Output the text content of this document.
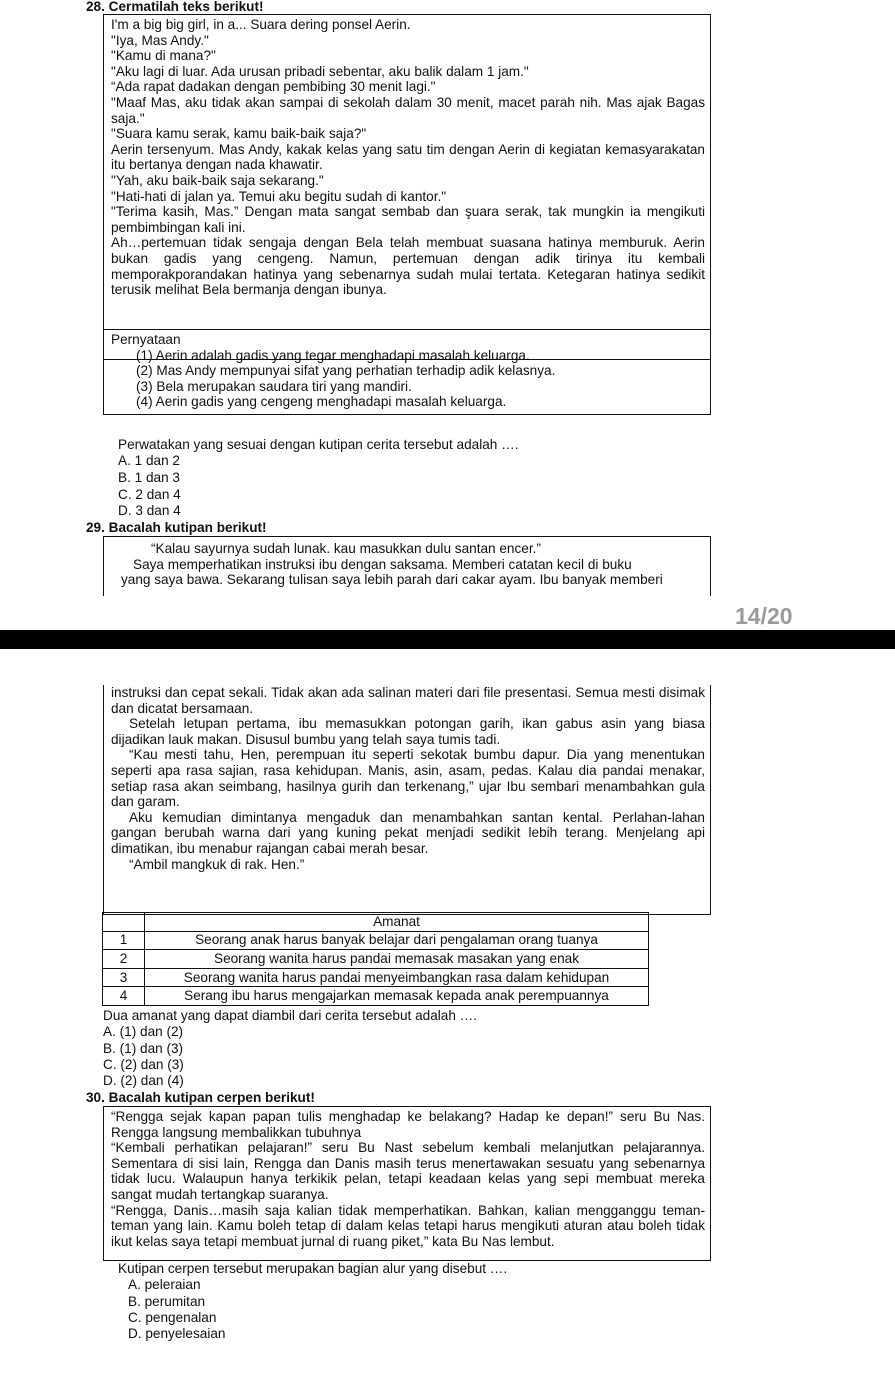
28. Cermatilah teks berikut!

I'm a big big girl, in a... Suara dering ponsel Aerin.

"Iya, Mas Andy."

"Kamu di mana?"

"Aku lagi di luar. Ada urusan pribadi sebentar, aku balik dalam 1 jam."

“Ada rapat dadakan dengan pembibing 30 menit lagi."

"Maaf Mas, aku tidak akan sampai di sekolah dalam 30 menit, macet parah nih. Mas ajak Bagas saja."

"Suara kamu serak, kamu baik-baik saja?"

Aerin tersenyum. Mas Andy, kakak kelas yang satu tim dengan Aerin di kegiatan kemasyarakatan itu bertanya dengan nada khawatir.

"Yah, aku baik-baik saja sekarang."

"Hati-hati di jalan ya. Temui aku begitu sudah di kantor."

"Terima kasih, Mas.” Dengan mata sangat sembab dan şuara serak, tak mungkin ia mengikuti pembimbingan kali ini.

Ah…pertemuan tidak sengaja dengan Bela telah membuat suasana hatinya memburuk. Aerin bukan gadis yang cengeng. Namun, pertemuan dengan adik tirinya itu kembali memporakporandakan hatinya yang sebenarnya sudah mulai tertata. Ketegaran hatinya sedikit terusik melihat Bela bermanja dengan ibunya.

Pernyataan

(1) Aerin adalah gadis yang tegar menghadapi masalah keluarga.

(2) Mas Andy mempunyai sifat yang perhatian terhadip adik kelasnya.

(3) Bela merupakan saudara tiri yang mandiri.

(4) Aerin gadis yang cengeng menghadapi masalah keluarga.

Perwatakan yang sesuai dengan kutipan cerita tersebut adalah ….
A. 1 dan 2
B. 1 dan 3
C. 2 dan 4
D. 3 dan 4
29. Bacalah kutipan berikut!

“Kalau sayurnya sudah lunak. kau masukkan dulu santan encer.”

Saya memperhatikan instruksi ibu dengan saksama. Memberi catatan kecil di buku

yang saya bawa. Sekarang tulisan saya lebih parah dari cakar ayam. Ibu banyak memberi

14/20

instruksi dan cepat sekali. Tidak akan ada salinan materi dari file presentasi. Semua mesti disimak dan dicatat bersamaan.

Setelah letupan pertama, ibu memasukkan potongan garih, ikan gabus asin yang biasa dijadikan lauk makan. Disusul bumbu yang telah saya tumis tadi.

“Kau mesti tahu, Hen, perempuan itu seperti sekotak bumbu dapur. Dia yang menentukan seperti apa rasa sajian, rasa kehidupan. Manis, asin, asam, pedas. Kalau dia pandai menakar, setiap rasa akan seimbang, hasilnya gurih dan terkenang,” ujar Ibu sembari menambahkan gula dan garam.

Aku kemudian dimintanya mengaduk dan menambahkan santan kental. Perlahan-lahan gangan berubah warna dari yang kuning pekat menjadi sedikit lebih terang. Menjelang api dimatikan, ibu menabur rajangan cabai merah besar.

“Ambil mangkuk di rak. Hen.”

	Amanat
1	Seorang anak harus banyak belajar dari pengalaman orang tuanya
2	Seorang wanita harus pandai memasak masakan yang enak
3	Seorang wanita harus pandai menyeimbangkan rasa dalam kehidupan
4	Serang ibu harus mengajarkan memasak kepada anak perempuannya
Dua amanat yang dapat diambil dari cerita tersebut adalah ….
A. (1) dan (2)
B. (1) dan (3)
C. (2) dan (3)
D. (2) dan (4)
30. Bacalah kutipan cerpen berikut!

“Rengga sejak kapan papan tulis menghadap ke belakang? Hadap ke depan!” seru Bu Nas. Rengga langsung membalikkan tubuhnya

“Kembali perhatikan pelajaran!” seru Bu Nast sebelum kembali melanjutkan pelajarannya. Sementara di sisi lain, Rengga dan Danis masih terus menertawakan sesuatu yang sebenarnya tidak lucu. Walaupun hanya terkikik pelan, tetapi keadaan kelas yang sepi membuat mereka sangat mudah tertangkap suaranya.

“Rengga, Danis…masih saja kalian tidak memperhatikan. Bahkan, kalian mengganggu teman-teman yang lain. Kamu boleh tetap di dalam kelas tetapi harus mengikuti aturan atau boleh tidak ikut kelas saya tetapi membuat jurnal di ruang piket,” kata Bu Nas lembut.

Kutipan cerpen tersebut merupakan bagian alur yang disebut ….
A. peleraian
B. perumitan
C. pengenalan
D. penyelesaian
